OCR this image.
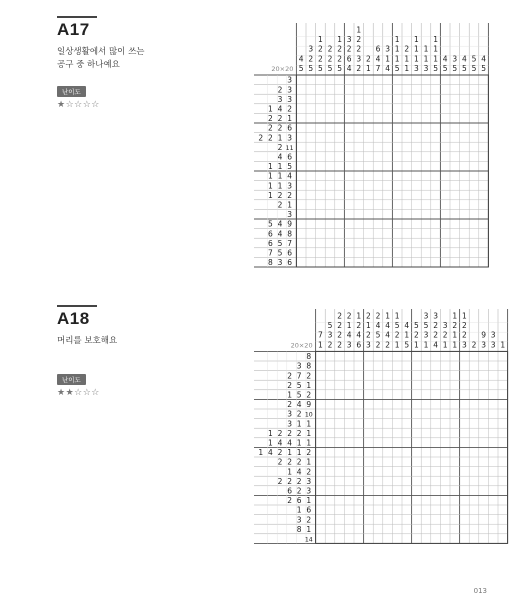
A17
일상생활에서 많이 쓰는
공구 중 하나예요
난이도
★☆☆☆☆
20×20
4
5
3
2
5
1
2
2
5
2
2
5
1
2
2
5
3
2
6
4
1
2
2
3
2
2
1
6
4
7
3
1
4
1
1
1
5
2
1
1
1
1
1
3
1
1
3
1
1
1
5
4
5
3
5
4
5
5
5
4
5
3
2 3
3 3
1 4 2
2 2 1
2 2 6
2 2 1 3
2 11
4 6
1 1 5
1 1 4
1 1 3
1 2 2
2 1
3
5 4 9
6 4 8
6 5 7
7 5 6
8 3 6
A18
머리를 보호해요
난이도
★★☆☆☆
20×20
7
1
5
3
2
2
2
2
2
2
1
4
3
1
2
4
6
2
1
2
3
2
4
5
2
1
4
4
2
1
5
2
1
4
1
5
5
2
1
3
5
3
1
3
2
2
4
3
2
1
1
2
1
1
1
2
2
3 2
9
3
3
3 1
8
3 8
2 7 2
2 5 1
1 5 2
2 4 9
3 2 10
3 1 1
1 2 2 2 1
1 4 4 1 1
1 4 2 1 1 2
2 2 2 1
1 4 2
2 2 2 3
6 2 3
2 6 1
1 6
3 2
8 1
14
013
